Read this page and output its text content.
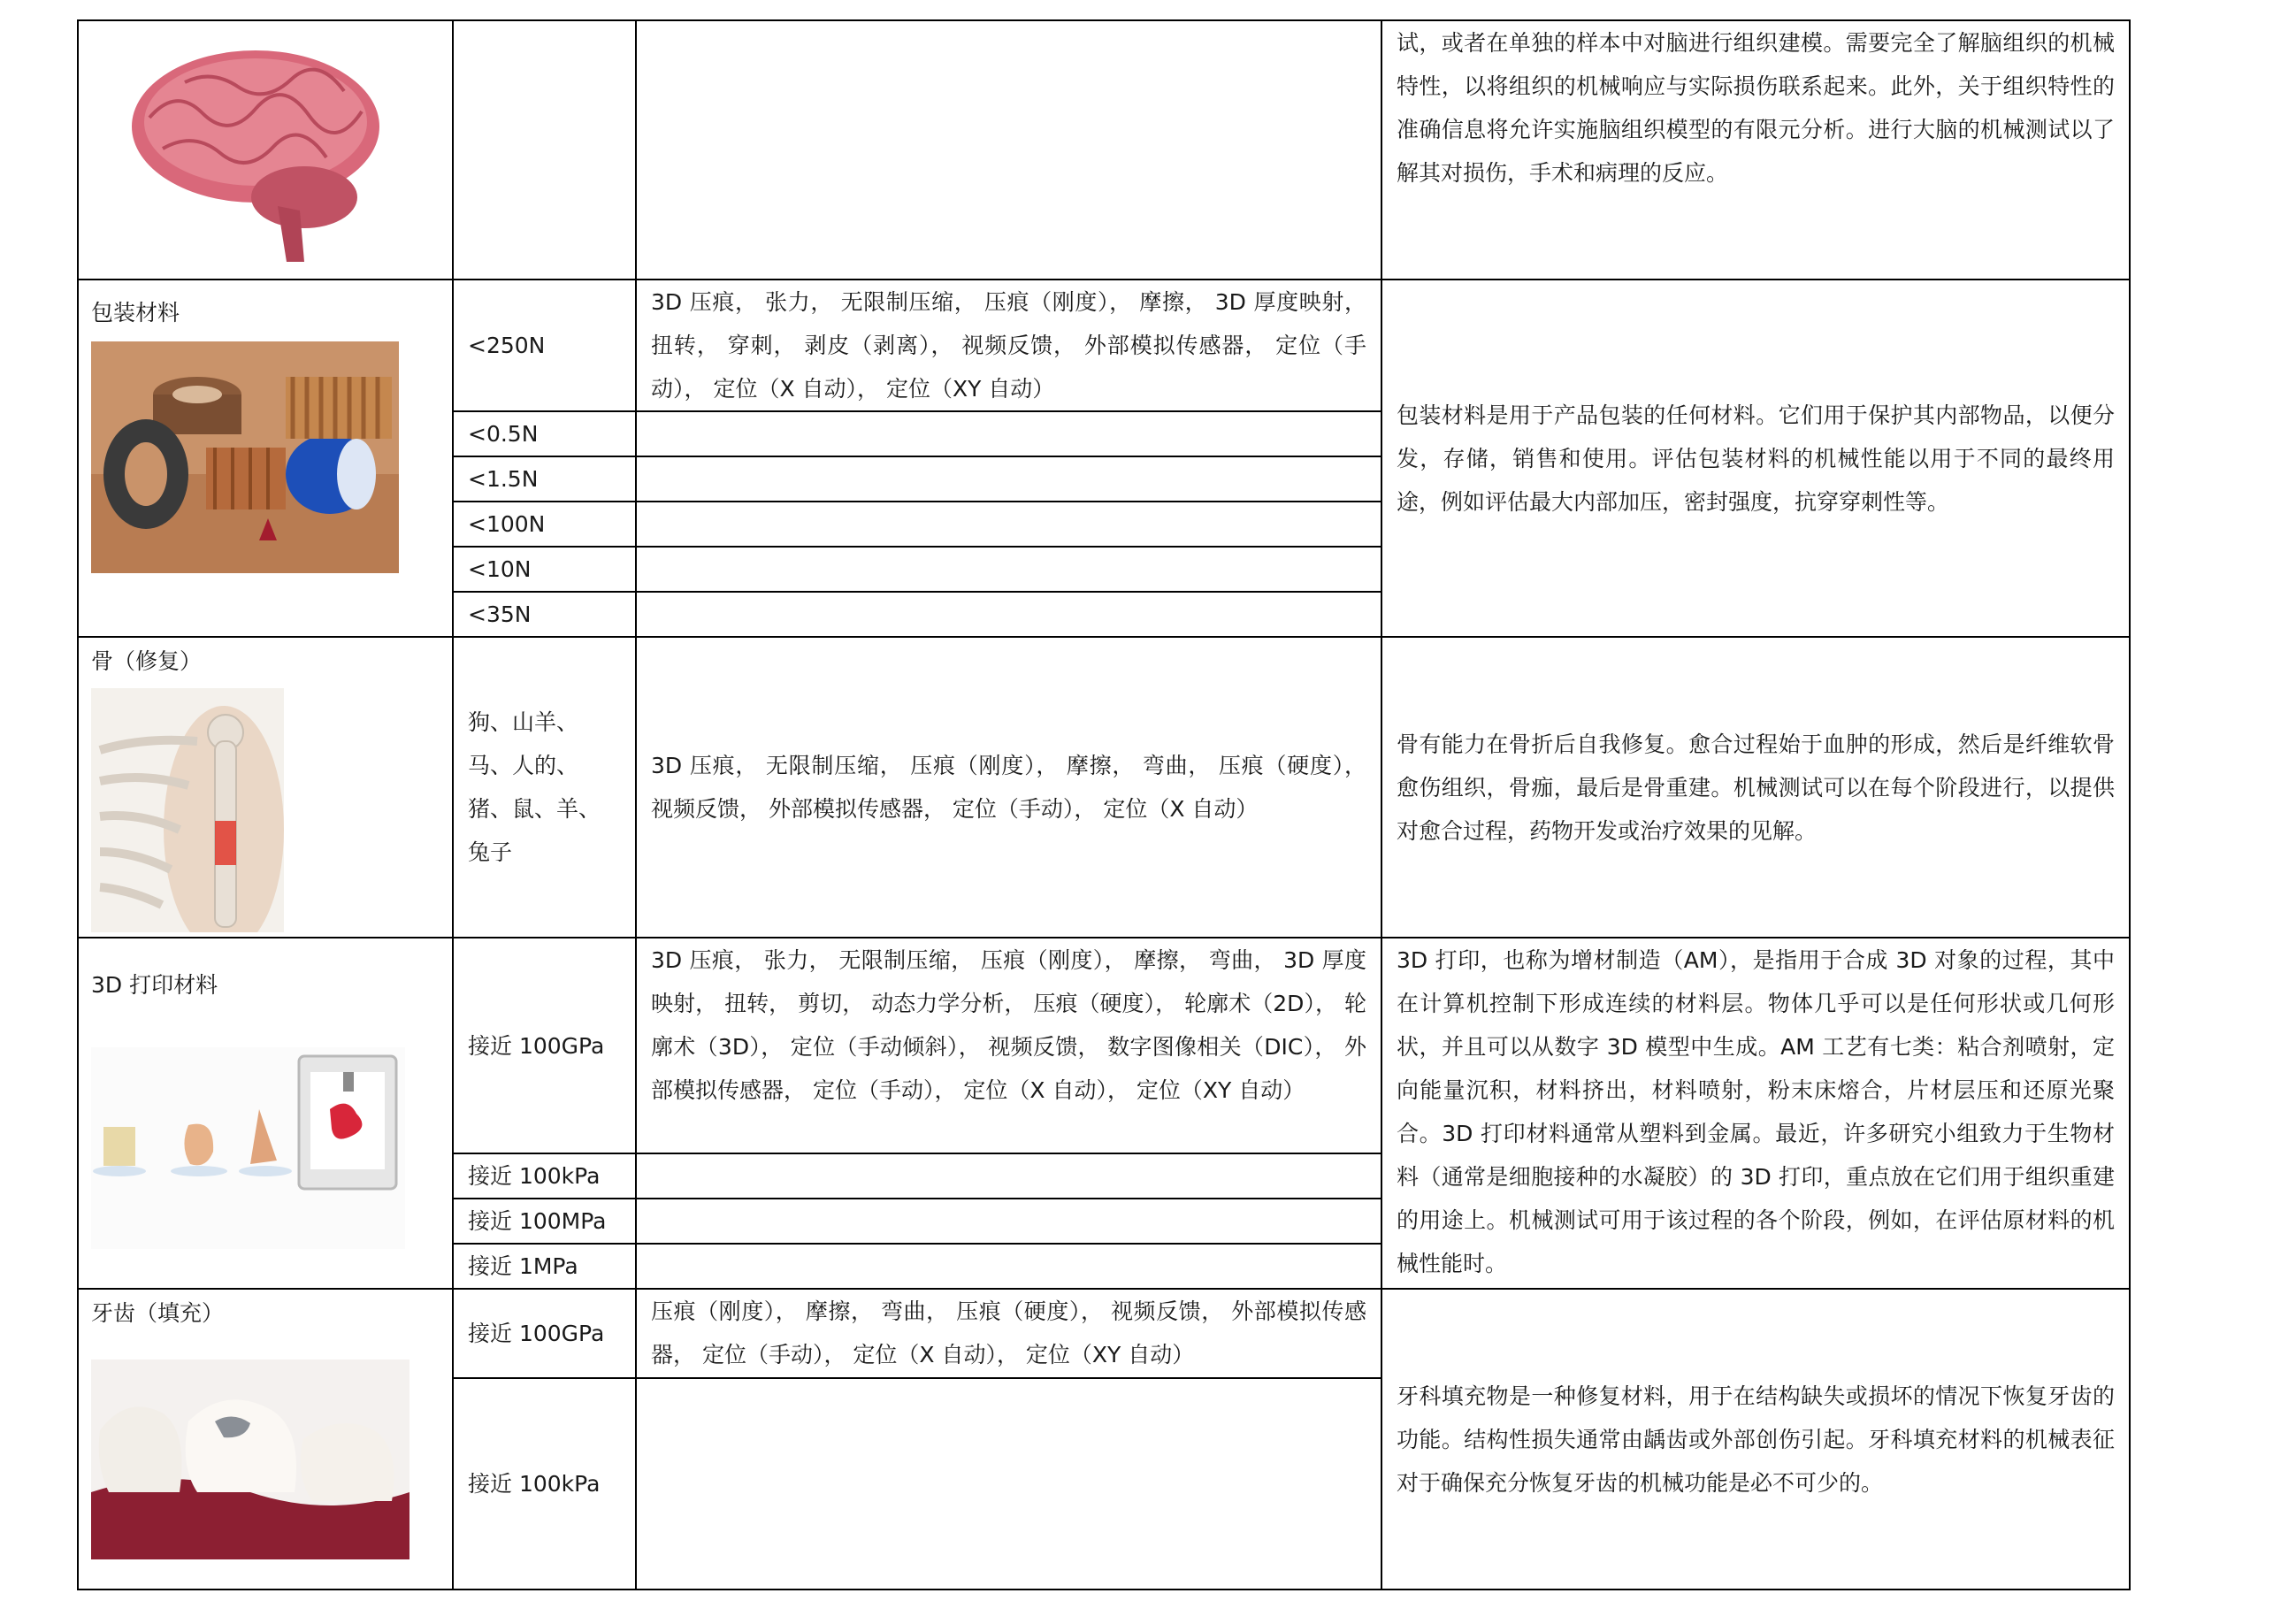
			试，或者在单独的样本中对脑进行组织建模。需要完全了解脑组织的机械特性，以将组织的机械响应与实际损伤联系起来。此外，关于组织特性的准确信息将允许实施脑组织模型的有限元分析。进行大脑的机械测试以了解其对损伤，手术和病理的反应。

包装材料	<250N	3D 压痕， 张力， 无限制压缩， 压痕（刚度）， 摩擦， 3D 厚度映射， 扭转， 穿刺， 剥皮（剥离）， 视频反馈， 外部模拟传感器， 定位（手动）， 定位（X 自动）， 定位（XY 自动）	包装材料是用于产品包装的任何材料。它们用于保护其内部物品，以便分发，存储，销售和使用。评估包装材料的机械性能以用于不同的最终用途，例如评估最大内部加压，密封强度，抗穿穿刺性等。
	<0.5N		
	<1.5N		
	<100N		
	<10N		
	<35N		

骨（修复）	狗、山羊、马、人的、猪、鼠、羊、兔子	3D 压痕， 无限制压缩， 压痕（刚度）， 摩擦， 弯曲， 压痕（硬度）， 视频反馈， 外部模拟传感器， 定位（手动）， 定位（X 自动）	骨有能力在骨折后自我修复。愈合过程始于血肿的形成，然后是纤维软骨愈伤组织，骨痂，最后是骨重建。机械测试可以在每个阶段进行，以提供对愈合过程，药物开发或治疗效果的见解。

3D 打印材料	接近 100GPa	3D 压痕， 张力， 无限制压缩， 压痕（刚度）， 摩擦， 弯曲， 3D 厚度映射， 扭转， 剪切， 动态力学分析， 压痕（硬度）， 轮廓术（2D）， 轮廓术（3D）， 定位（手动倾斜）， 视频反馈， 数字图像相关（DIC）， 外部模拟传感器， 定位（手动）， 定位（X 自动）， 定位（XY 自动）	3D 打印，也称为增材制造（AM），是指用于合成 3D 对象的过程，其中在计算机控制下形成连续的材料层。物体几乎可以是任何形状或几何形状，并且可以从数字 3D 模型中生成。AM 工艺有七类：粘合剂喷射，定向能量沉积，材料挤出，材料喷射，粉末床熔合，片材层压和还原光聚合。3D 打印材料通常从塑料到金属。最近，许多研究小组致力于生物材料（通常是细胞接种的水凝胶）的 3D 打印，重点放在它们用于组织重建的用途上。机械测试可用于该过程的各个阶段，例如，在评估原材料的机械性能时。
	接近 100kPa		
	接近 100MPa		
	接近 1MPa		

牙齿（填充）	接近 100GPa	压痕（刚度）， 摩擦， 弯曲， 压痕（硬度）， 视频反馈， 外部模拟传感器， 定位（手动）， 定位（X 自动）， 定位（XY 自动）	牙科填充物是一种修复材料，用于在结构缺失或损坏的情况下恢复牙齿的功能。结构性损失通常由龋齿或外部创伤引起。牙科填充材料的机械表征对于确保充分恢复牙齿的机械功能是必不可少的。
	接近 100kPa		
